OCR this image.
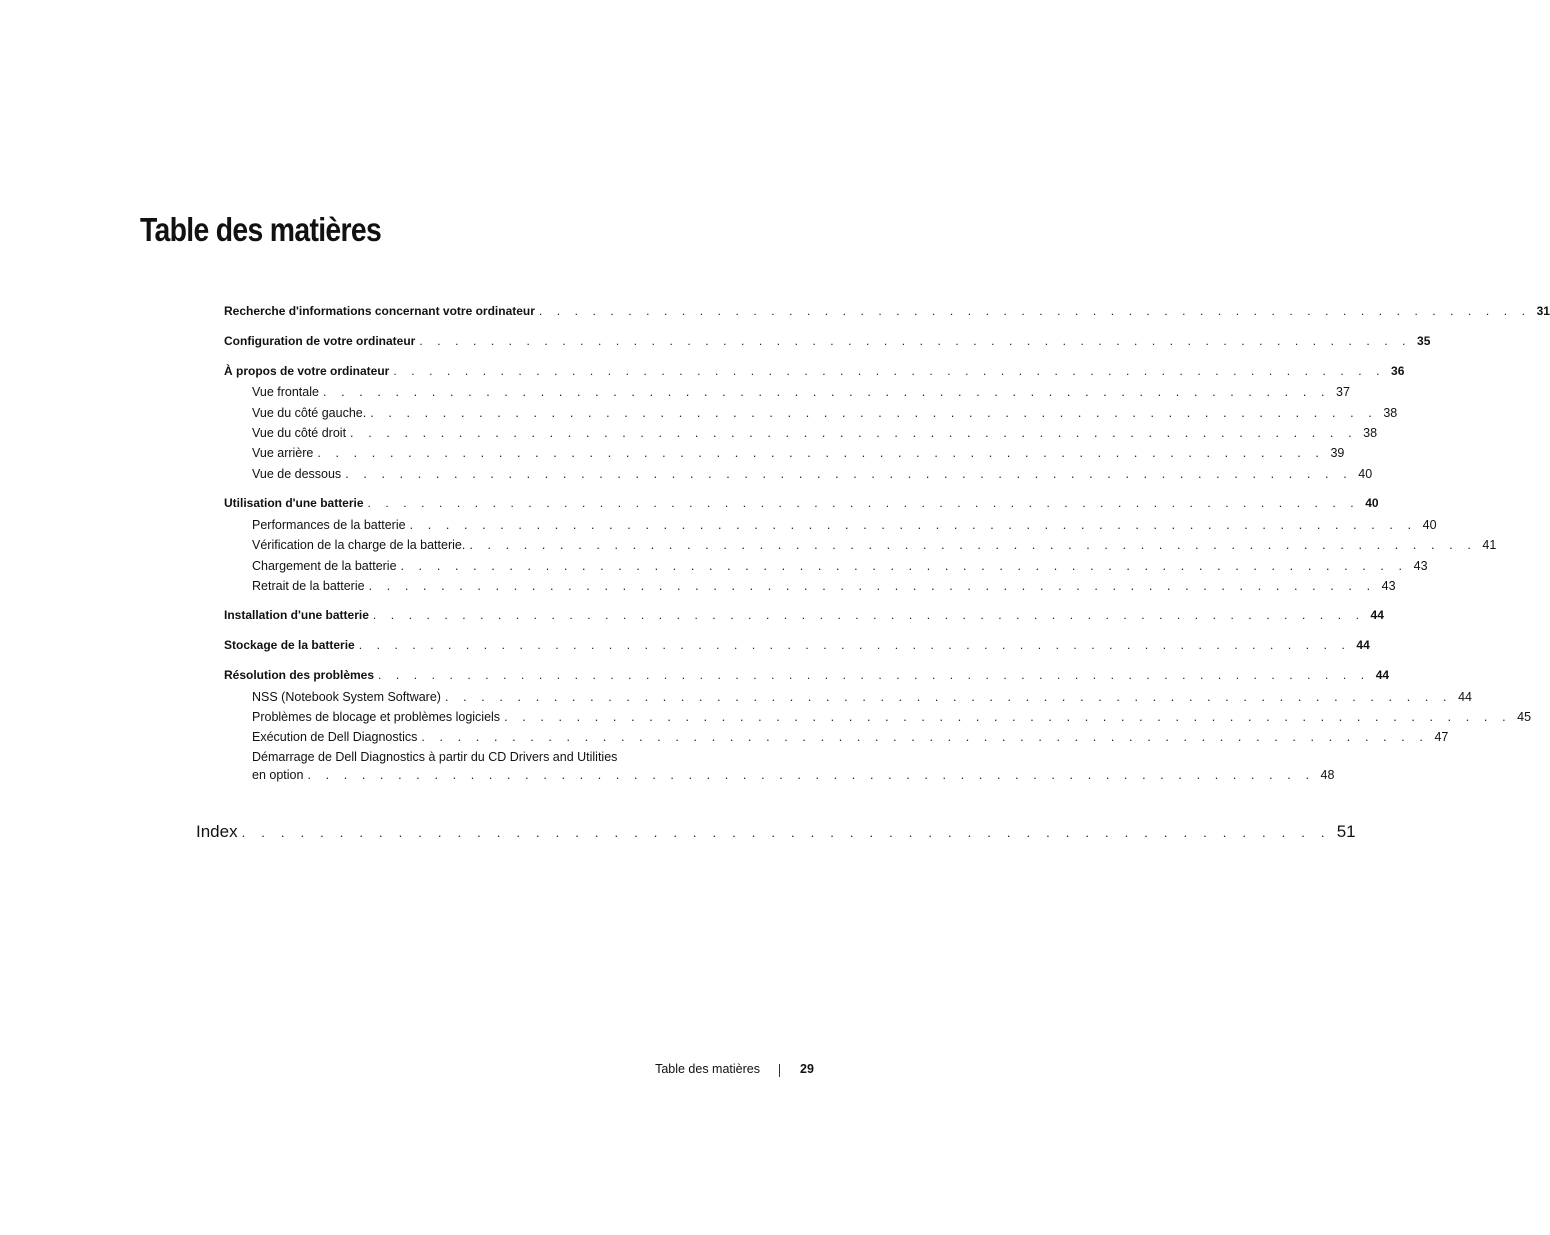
Table des matières
Recherche d'informations concernant votre ordinateur . . . . . . . . . . . . . . . . . . . . . . . . . . . . . . . . . . . . . . . . . . . . . . . . . . . . . . . . 31
Configuration de votre ordinateur . . . . . . . . . . . . . . . . . . . . . . . . . . . . . . . . . . . . . . . . . . . . . . . . . . . . . . . . 35
À propos de votre ordinateur . . . . . . . . . . . . . . . . . . . . . . . . . . . . . . . . . . . . . . . . . . . . . . . . . . . . . . . . 36
Vue frontale . . . . . . . . . . . . . . . . . . . . . . . . . . . . . . . . . . . . . . . . . . . . . . . . . . . . . . . . 37
Vue du côté gauche. . . . . . . . . . . . . . . . . . . . . . . . . . . . . . . . . . . . . . . . . . . . . . . . . . . . . . . . . 38
Vue du côté droit . . . . . . . . . . . . . . . . . . . . . . . . . . . . . . . . . . . . . . . . . . . . . . . . . . . . . . . . 38
Vue arrière . . . . . . . . . . . . . . . . . . . . . . . . . . . . . . . . . . . . . . . . . . . . . . . . . . . . . . . . 39
Vue de dessous . . . . . . . . . . . . . . . . . . . . . . . . . . . . . . . . . . . . . . . . . . . . . . . . . . . . . . . . 40
Utilisation d'une batterie . . . . . . . . . . . . . . . . . . . . . . . . . . . . . . . . . . . . . . . . . . . . . . . . . . . . . . . . 40
Performances de la batterie . . . . . . . . . . . . . . . . . . . . . . . . . . . . . . . . . . . . . . . . . . . . . . . . . . . . . . . . 40
Vérification de la charge de la batterie. . . . . . . . . . . . . . . . . . . . . . . . . . . . . . . . . . . . . . . . . . . . . . . . . . . . . . . . . 41
Chargement de la batterie . . . . . . . . . . . . . . . . . . . . . . . . . . . . . . . . . . . . . . . . . . . . . . . . . . . . . . . . 43
Retrait de la batterie . . . . . . . . . . . . . . . . . . . . . . . . . . . . . . . . . . . . . . . . . . . . . . . . . . . . . . . . 43
Installation d'une batterie . . . . . . . . . . . . . . . . . . . . . . . . . . . . . . . . . . . . . . . . . . . . . . . . . . . . . . . . 44
Stockage de la batterie . . . . . . . . . . . . . . . . . . . . . . . . . . . . . . . . . . . . . . . . . . . . . . . . . . . . . . . . 44
Résolution des problèmes . . . . . . . . . . . . . . . . . . . . . . . . . . . . . . . . . . . . . . . . . . . . . . . . . . . . . . . . 44
NSS (Notebook System Software) . . . . . . . . . . . . . . . . . . . . . . . . . . . . . . . . . . . . . . . . . . . . . . . . . . . . . . . . 44
Problèmes de blocage et problèmes logiciels . . . . . . . . . . . . . . . . . . . . . . . . . . . . . . . . . . . . . . . . . . . . . . . . . . . . . . . . 45
Exécution de Dell Diagnostics . . . . . . . . . . . . . . . . . . . . . . . . . . . . . . . . . . . . . . . . . . . . . . . . . . . . . . . . 47
Démarrage de Dell Diagnostics à partir du CD Drivers and Utilities
en option . . . . . . . . . . . . . . . . . . . . . . . . . . . . . . . . . . . . . . . . . . . . . . . . . . . . . . . . 48
Index . . . . . . . . . . . . . . . . . . . . . . . . . . . . . . . . . . . . . . . . . . . . . . . . . . . . . . . . 51
Table des matières	29
